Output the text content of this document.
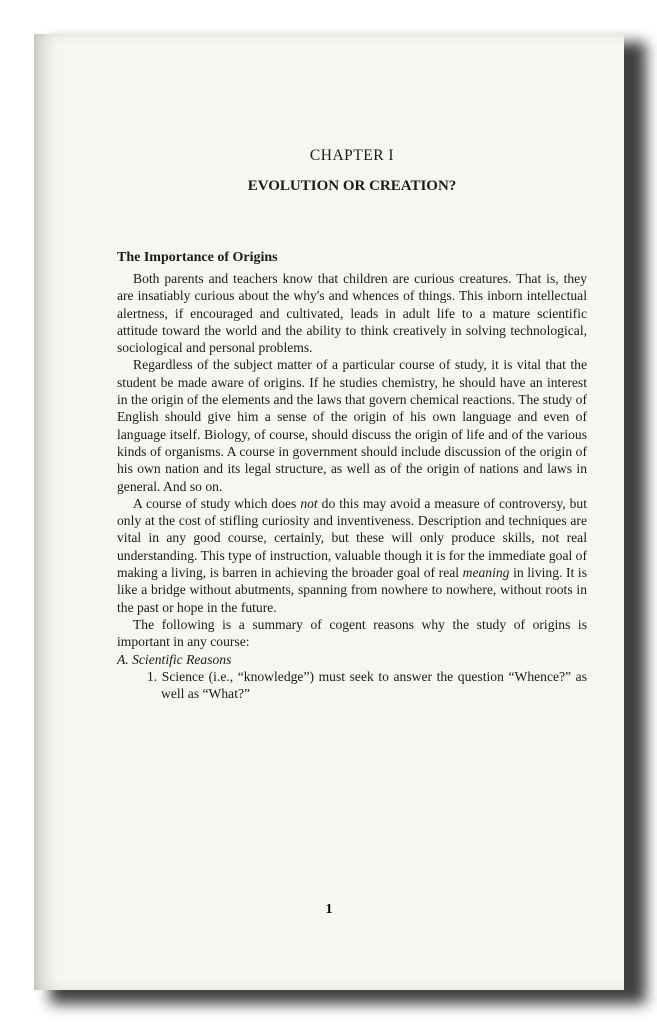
CHAPTER I
EVOLUTION OR CREATION?
The Importance of Origins

Both parents and teachers know that children are curious creatures. That is, they are insatiably curious about the why's and whences of things. This inborn intellectual alertness, if encouraged and cultivated, leads in adult life to a mature scientific attitude toward the world and the ability to think creatively in solving technological, sociological and personal problems.

Regardless of the subject matter of a particular course of study, it is vital that the student be made aware of origins. If he studies chemistry, he should have an interest in the origin of the elements and the laws that govern chemical reactions. The study of English should give him a sense of the origin of his own language and even of language itself. Biology, of course, should discuss the origin of life and of the various kinds of organisms. A course in government should include discussion of the origin of his own nation and its legal structure, as well as of the origin of nations and laws in general. And so on.

A course of study which does not do this may avoid a measure of controversy, but only at the cost of stifling curiosity and inventiveness. Description and techniques are vital in any good course, certainly, but these will only produce skills, not real understanding. This type of instruction, valuable though it is for the immediate goal of making a living, is barren in achieving the broader goal of real meaning in living. It is like a bridge without abutments, spanning from nowhere to nowhere, without roots in the past or hope in the future.

The following is a summary of cogent reasons why the study of origins is important in any course:

A. Scientific Reasons
1. Science (i.e., “knowledge”) must seek to answer the question “Whence?” as well as “What?”
1
